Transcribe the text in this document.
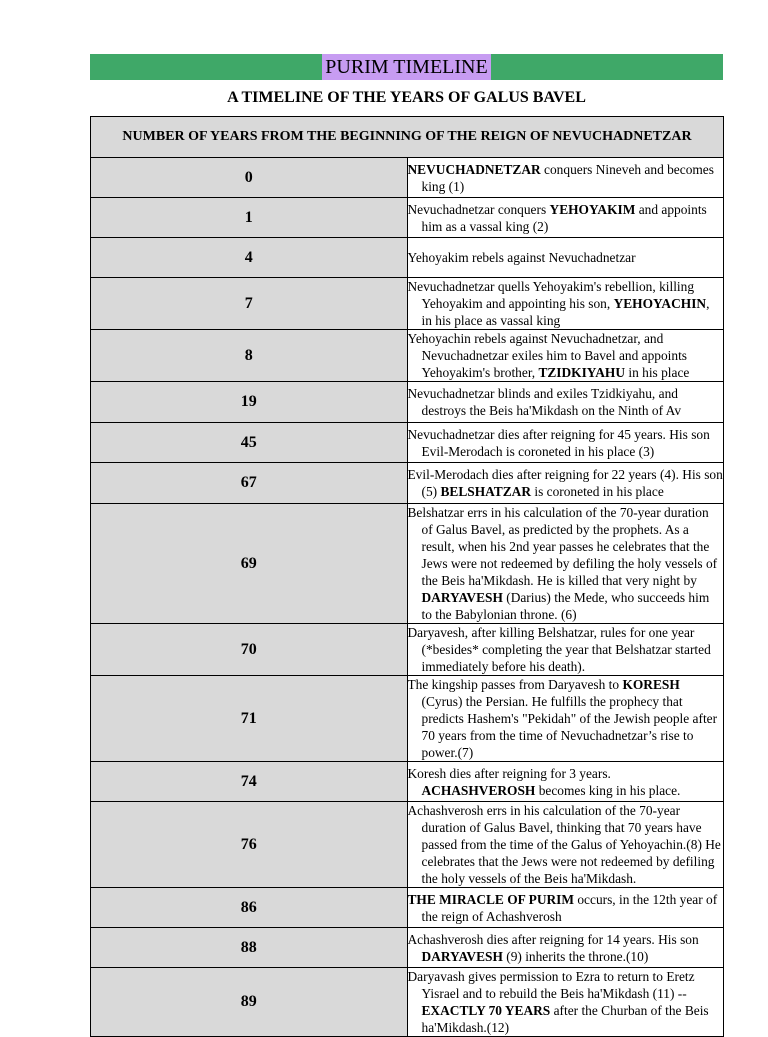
PURIM TIMELINE
A TIMELINE OF THE YEARS OF GALUS BAVEL
NUMBER OF YEARS FROM THE BEGINNING OF THE REIGN OF NEVUCHADNETZAR	
0	NEVUCHADNETZAR conquers Nineveh and becomes king (1)

1	Nevuchadnetzar conquers YEHOYAKIM and appoints him as a vassal king (2)

4	Yehoyakim rebels against Nevuchadnetzar

7	Nevuchadnetzar quells Yehoyakim's rebellion, killing Yehoyakim and appointing his son, YEHOYACHIN, in his place as vassal king

8	Yehoyachin rebels against Nevuchadnetzar, and Nevuchadnetzar exiles him to Bavel and appoints Yehoyakim's brother, TZIDKIYAHU in his place

19	Nevuchadnetzar blinds and exiles Tzidkiyahu, and destroys the Beis ha'Mikdash on the Ninth of Av

45	Nevuchadnetzar dies after reigning for 45 years. His son Evil-Merodach is coroneted in his place (3)

67	Evil-Merodach dies after reigning for 22 years (4). His son (5) BELSHATZAR is coroneted in his place

69	Belshatzar errs in his calculation of the 70-year duration of Galus Bavel, as predicted by the prophets. As a result, when his 2nd year passes he celebrates that the Jews were not redeemed by defiling the holy vessels of the Beis ha'Mikdash. He is killed that very night by DARYAVESH (Darius) the Mede, who succeeds him to the Babylonian throne. (6)

70	Daryavesh, after killing Belshatzar, rules for one year (*besides* completing the year that Belshatzar started immediately before his death).

71	The kingship passes from Daryavesh to KORESH (Cyrus) the Persian. He fulfills the prophecy that predicts Hashem's "Pekidah" of the Jewish people after 70 years from the time of Nevuchadnetzar’s rise to power.(7)

74	Koresh dies after reigning for 3 years. ACHASHVEROSH becomes king in his place.

76	Achashverosh errs in his calculation of the 70-year duration of Galus Bavel, thinking that 70 years have passed from the time of the Galus of Yehoyachin.(8) He celebrates that the Jews were not redeemed by defiling the holy vessels of the Beis ha'Mikdash.

86	THE MIRACLE OF PURIM occurs, in the 12th year of the reign of Achashverosh

88	Achashverosh dies after reigning for 14 years. His son DARYAVESH (9) inherits the throne.(10)

89	Daryavash gives permission to Ezra to return to Eretz Yisrael and to rebuild the Beis ha'Mikdash (11) -- EXACTLY 70 YEARS after the Churban of the Beis ha'Mikdash.(12)
